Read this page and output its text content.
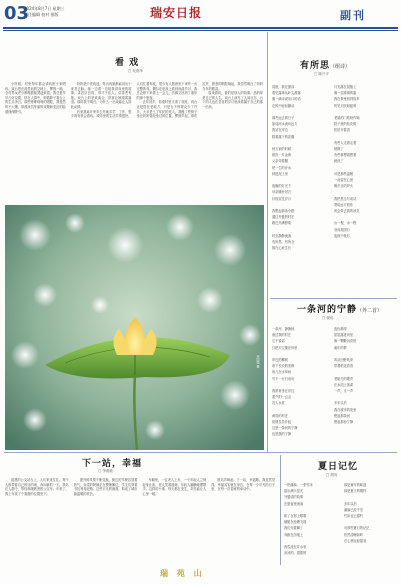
03
2024年8月7日 星期三
责任编辑 校对 排版	瑞安日报	副刊
看 戏
□ 吴燕华

小时候，村里每年都会请戏班子来唱戏。戏台搭在祠堂前的空地上，锣鼓一响，全村男女老少都搬着板凳赶来看。我总是早早占好位置，挤在人群中，仰着脖子看台上的生旦净丑。那些咿咿呀呀的唱腔，我虽然听不大懂，却被演员华丽的戏服和变幻的脸谱深深吸引。

奶奶是个老戏迷，每出戏她都能说出个来龙去脉。她一边看一边给我讲戏里的故事，讲忠臣良将，讲才子佳人，讲善恶有报。戏台上的悲欢离合，常常让她跟着落泪。那时我不明白，为什么一出戏能让人如此动情。

后来我离开家乡去外地求学、工作，很少再有机会看戏。城市里的生活节奏很快，人们忙着奔波，很少有人愿意坐下来听一出完整的戏。偶尔在电视上看到戏曲节目，我总会停下来看上一会儿，仿佛又回到了童年的那个夏夜。

去年回乡，恰逢村里又请了戏班。戏台还是搭在老地方，只是台下的观众少了许多，大多是上了年纪的老人。我搬了把椅子坐在奶奶曾经坐过的位置，锣鼓声起，幕布拉开，熟悉的唱腔响起，我忽然明白了奶奶当年的眼泪。

原来看戏，看的是别人的故事，品的却是自己的人生。戏台上演尽了人间百态，台下的人也在各自的岁月里演着属于自己的那一出戏。

有所思（组诗）
□ 陈兴平
清晨，我在窗前
看见露珠从叶尖滑落
像一滴未说出口的话
在风中轻轻颤动

那些远去的日子
如同河水流向远方
我站在岸边
数着落下的花瓣

秋天来的时候
稻田一片金黄
父亲弯着腰
把一生的汗水
种进泥土里

夜晚的灯光下
母亲缝补旧衣
针线穿过岁月

我想起那条小路
通往外婆的村庄
路边开满野菊

时光静静流淌
有所思，有所念
都在心底生长
月光落在屋檐上
像一层薄薄的霜
我在梦里回到故乡
听见犬吠和蛙鸣

老屋的门吱呀作响
院子里的桂花树
依旧开着香

有些人走着走着
就散了
有些事想着想着
就淡了

可是那些温暖
一直留在心里
像冬日的炉火

我把思念写成诗
寄给远方的你
风会带去我的消息

山一程，水一程
身向故园行
夜深千帐灯
林国强 摄
一条河的宁静（外二首）
□ 谢伟
一条河，静静地
流过我的村庄
它不说话
只把天空揽在怀里

岸边的柳树
垂下长长的发辫
鱼儿在水草间
写下一行行诗句

我常常坐在岸边
看夕阳一点点
沉入水底

黄昏的村庄
炊烟袅袅升起
这是一条河的宁静
也是我的宁静
夜色渐浓
星星落进河里
像一颗颗闪亮的
童年的梦

风从田野吹来
带着稻花的香

老船夫的歌声
在水面上荡漾
一声，又一声

多年以后
我在城市的夜里
想起那条河
想起那份宁静
下一站，幸福
□ 李燕敏

清晨的公交站台上，人们来来往往。每个人都带着自己的目的地，奔向新的一天。我站在人群中，等待那趟熟悉的公交车。车来了，我上车找了个靠窗的位置坐下。

窗外的风景不断变换，街边的早餐店冒着热气，卖菜的阿姨正在整理摊位，学生们背着书包匆匆赶路。这些平凡的画面，构成了城市最温暖的底色。

车厢里，一位老人上车，一个年轻人立刻起身让座。老人笑着道谢，年轻人腼腆地摆摆手。这样的小事，每天都在发生，却总能让人心里一暖。

报站声响起：下一站，幸福路。我忽然觉得，幸福其实就在身边，在每一个平凡的日子里，在每一次善意的举动中。

夏日记忆
□ 胡亮
一把蒲扇，一张竹床
摇出满天星光
外婆讲的故事
在夏夜里流淌

知了在树上唱歌
蜻蜓在池塘飞翔
我们光着脚丫
奔跑在田埂上

西瓜浸在井水里
凉凉的，甜甜的
那是童年的味道
那是夏天的模样

多年以后
蒲扇已经不见
竹床也已腐朽

可那些夏日的记忆
依然清晰如昨
在心里轻轻摇晃
瑞 苑 山
